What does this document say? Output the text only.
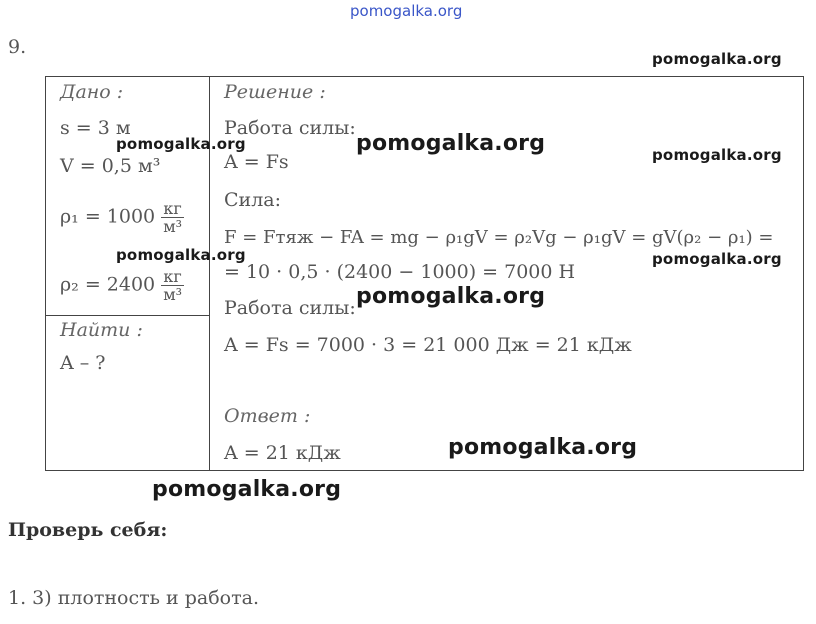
pomogalka.org
9.
Дано :
s = 3 м
V = 0,5 м³
$\rho_1 = 1000 \frac{кг}{\text{м³}}$
$\rho_2 = 2400 \frac{кг}{\text{м³}}$
Найти :
A – ?
Решение :
Работа силы:
A = Fs
Сила:
F = Fтяж − FA = mg − ρ₁gV = ρ₂Vg − ρ₁gV = gV(ρ₂ − ρ₁) =
= 10 · 0,5 · (2400 − 1000) = 7000 Н
Работа силы:
A = Fs = 7000 · 3 = 21 000 Дж = 21 кДж
Ответ :
A = 21 кДж
pomogalka.org
pomogalka.org	pomogalka.org	pomogalka.org
pomogalka.org	pomogalka.org
pomogalka.org
pomogalka.org
pomogalka.org
Проверь себя:
1. 3) плотность и работа.
